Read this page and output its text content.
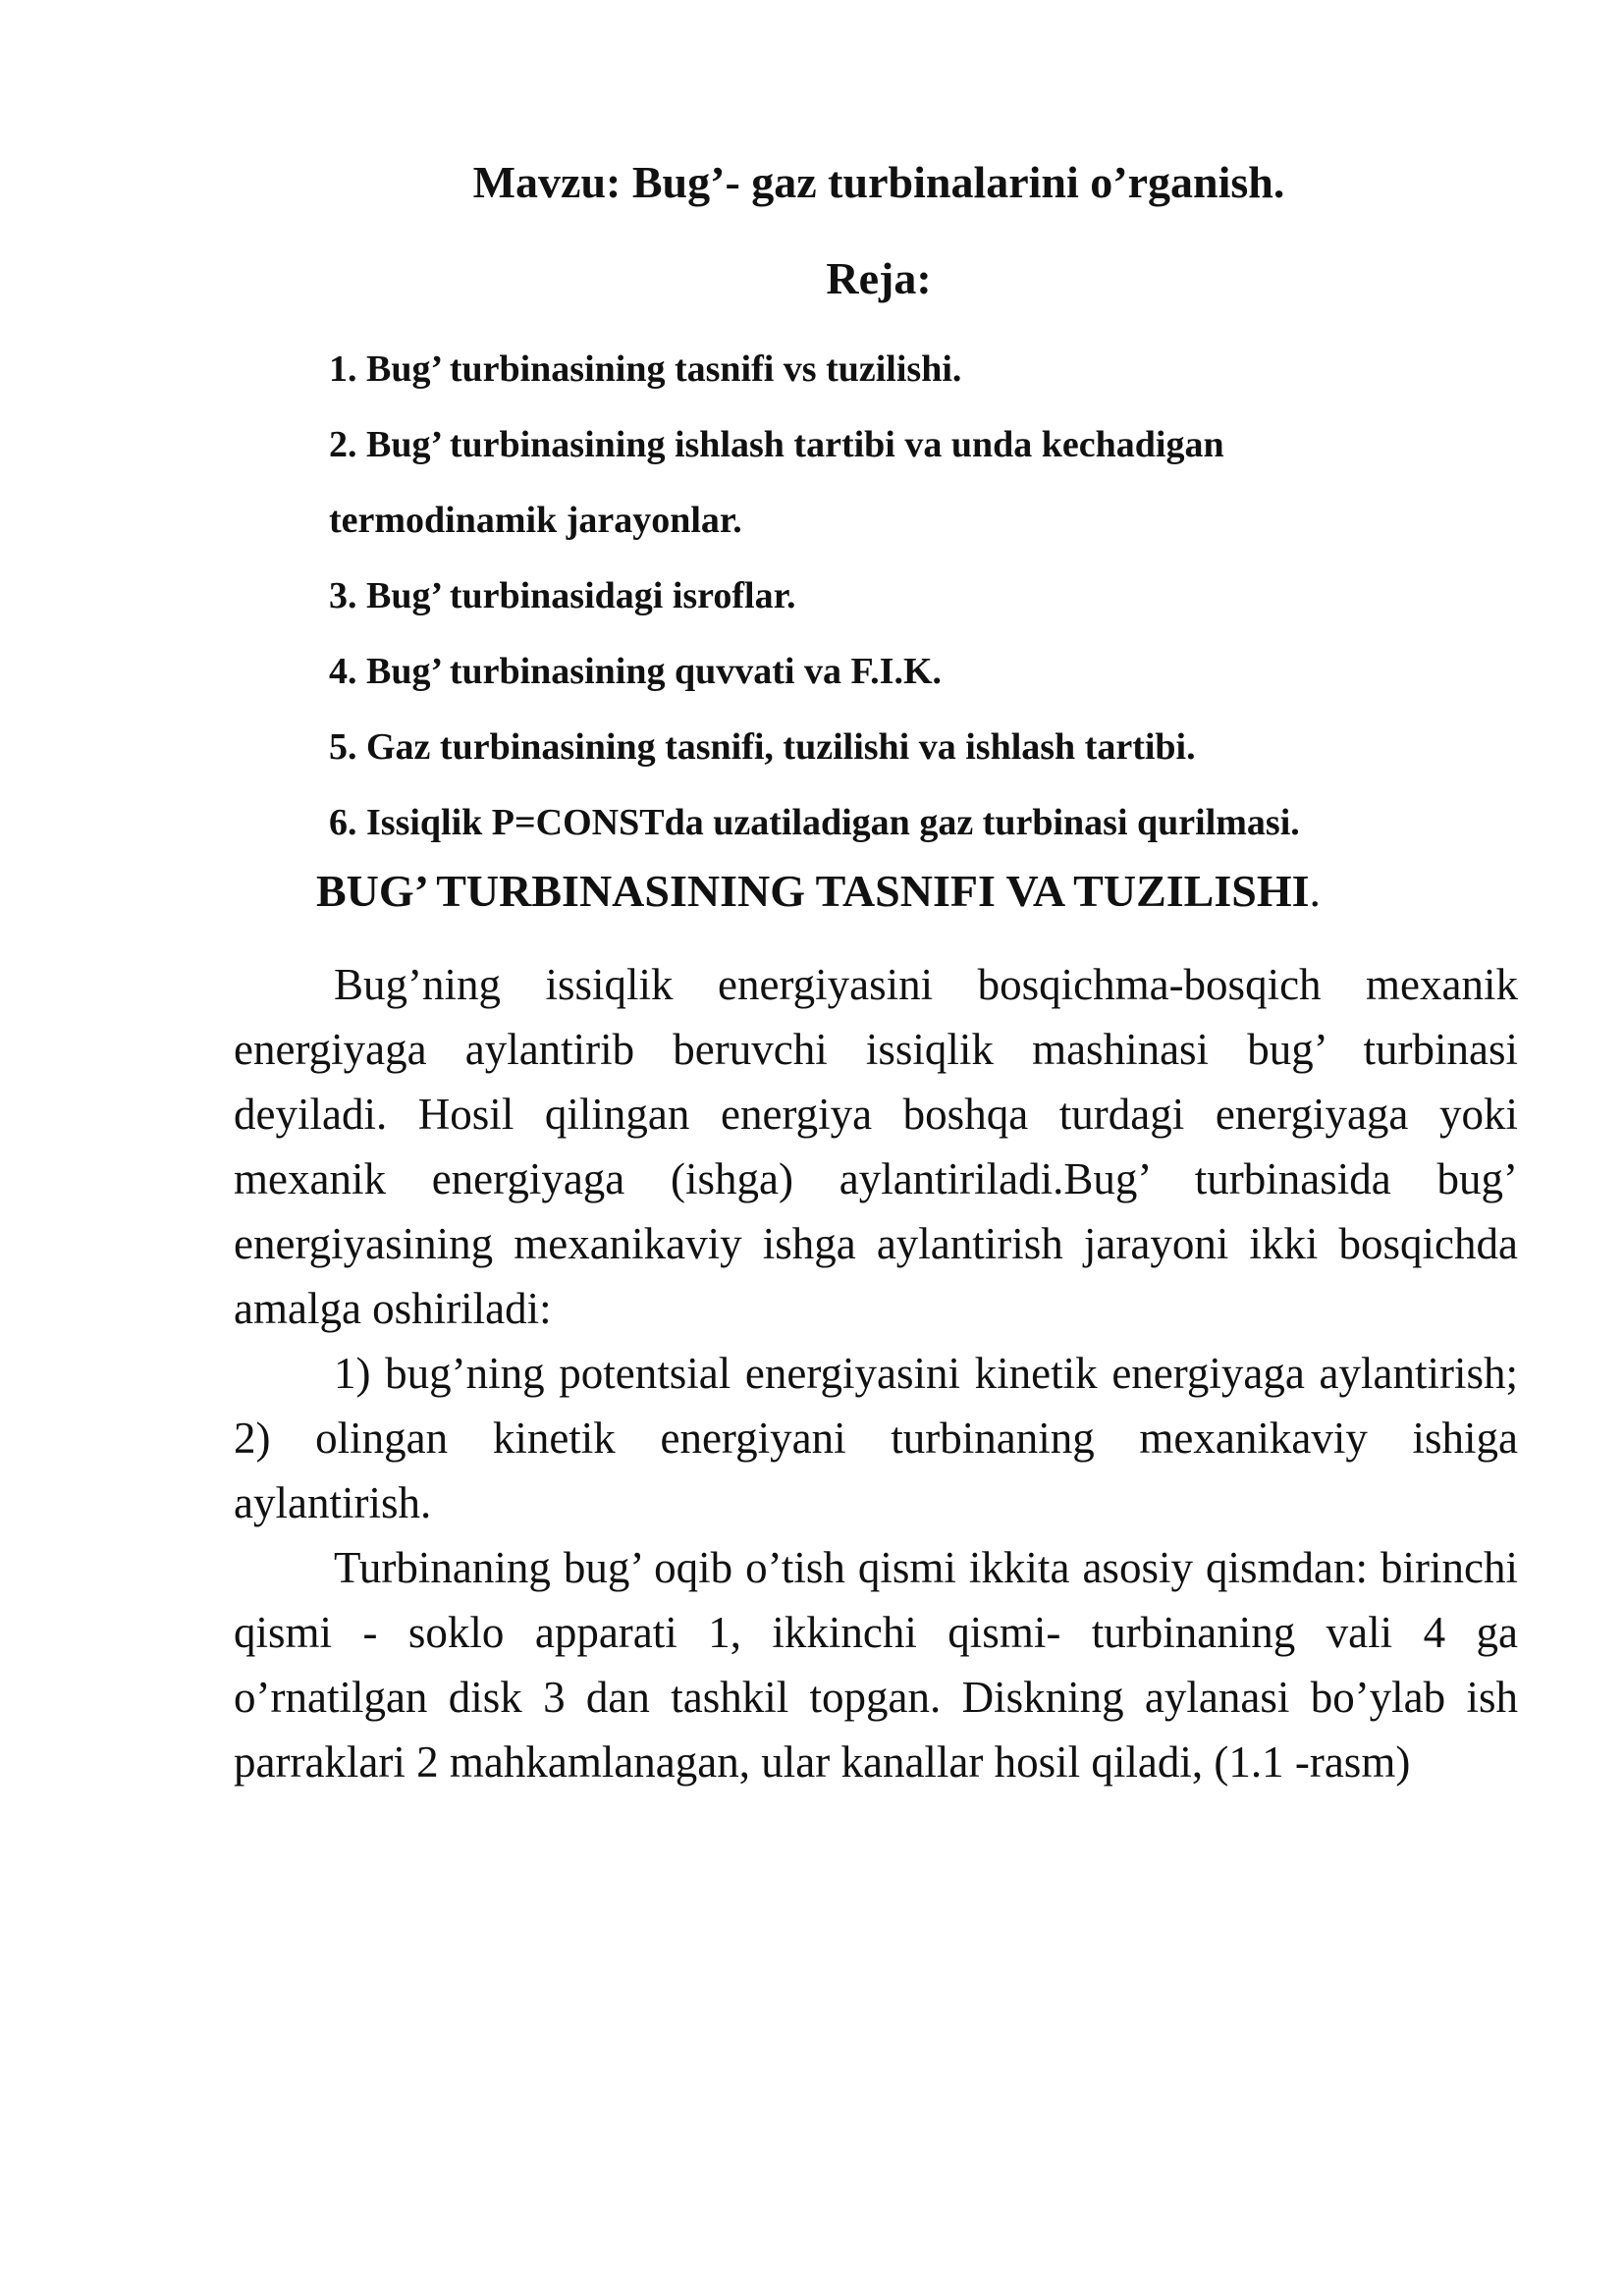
Mavzu: Bug’- gaz turbinalarini o’rganish.
Reja:
1. Bug’ turbinasining tasnifi vs tuzilishi.
2. Bug’ turbinasining ishlash tartibi va unda kechadigan
termodinamik jarayonlar.
3. Bug’ turbinasidagi isroflar.
4. Bug’ turbinasining quvvati va F.I.K.
5. Gaz turbinasining tasnifi, tuzilishi va ishlash tartibi.
6. Issiqlik P=CONSTda uzatiladigan gaz turbinasi qurilmasi.
BUG’ TURBINASINING TASNIFI VA TUZILISHI.

Bug’ning issiqlik energiyasini bosqichma-bosqich mexanik energiyaga aylantirib beruvchi issiqlik mashinasi bug’ turbinasi deyiladi. Hosil qilingan energiya boshqa turdagi energiyaga yoki mexanik energiyaga (ishga) aylantiriladi.Bug’ turbinasida bug’ energiyasining mexanikaviy ishga aylantirish jarayoni ikki bosqichda amalga oshiriladi:

1) bug’ning potentsial energiyasini kinetik energiyaga aylantirish; 2) olingan kinetik energiyani turbinaning mexanikaviy ishiga aylantirish.

Turbinaning bug’ oqib o’tish qismi ikkita asosiy qismdan: birinchi qismi - soklo apparati 1, ikkinchi qismi- turbinaning vali 4 ga o’rnatilgan disk 3 dan tashkil topgan. Diskning aylanasi bo’ylab ish parraklari 2 mahkamlanagan, ular kanallar hosil qiladi, (1.1 -rasm)
